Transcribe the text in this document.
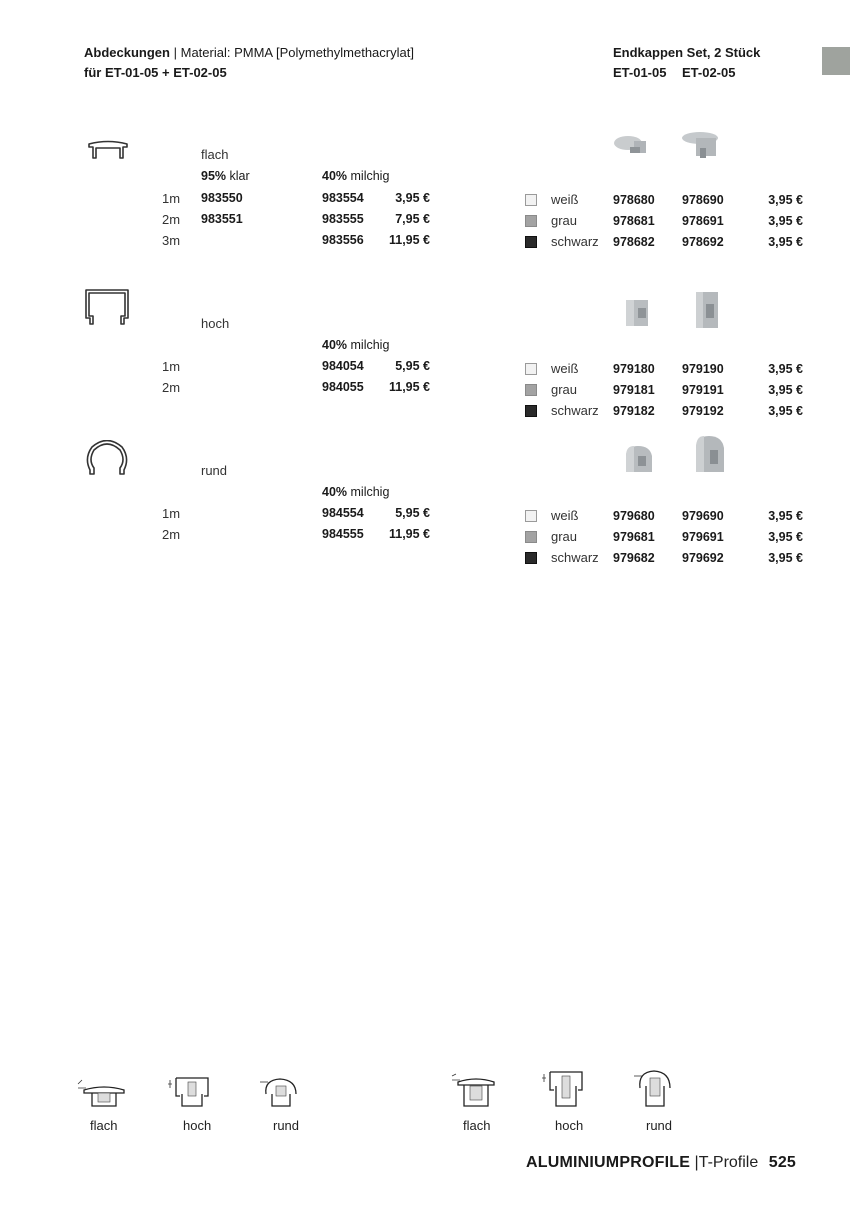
Abdeckungen | Material: PMMA [Polymethylmethacrylat]
für ET-01-05 + ET-02-05
Endkappen Set, 2 Stück
ET-01-05 ET-02-05
flach
95% klar	40% milchig
1m 983550	983554	3,95 €
2m 983551	983555	7,95 €
3m	983556	11,95 €
weiß	978680 978690	3,95 €
grau	978681 978691	3,95 €
schwarz 978682 978692	3,95 €
hoch
40% milchig
1m	984054	5,95 €
2m	984055	11,95 €
weiß	979180 979190	3,95 €
grau	979181 979191	3,95 €
schwarz 979182 979192	3,95 €
rund
40% milchig
1m	984554	5,95 €
2m	984555	11,95 €
weiß	979680 979690	3,95 €
grau	979681 979691	3,95 €
schwarz 979682 979692	3,95 €
flach	hoch	rund	flach	hoch	rund
ALUMINIUMPROFILE |T-Profile 525
